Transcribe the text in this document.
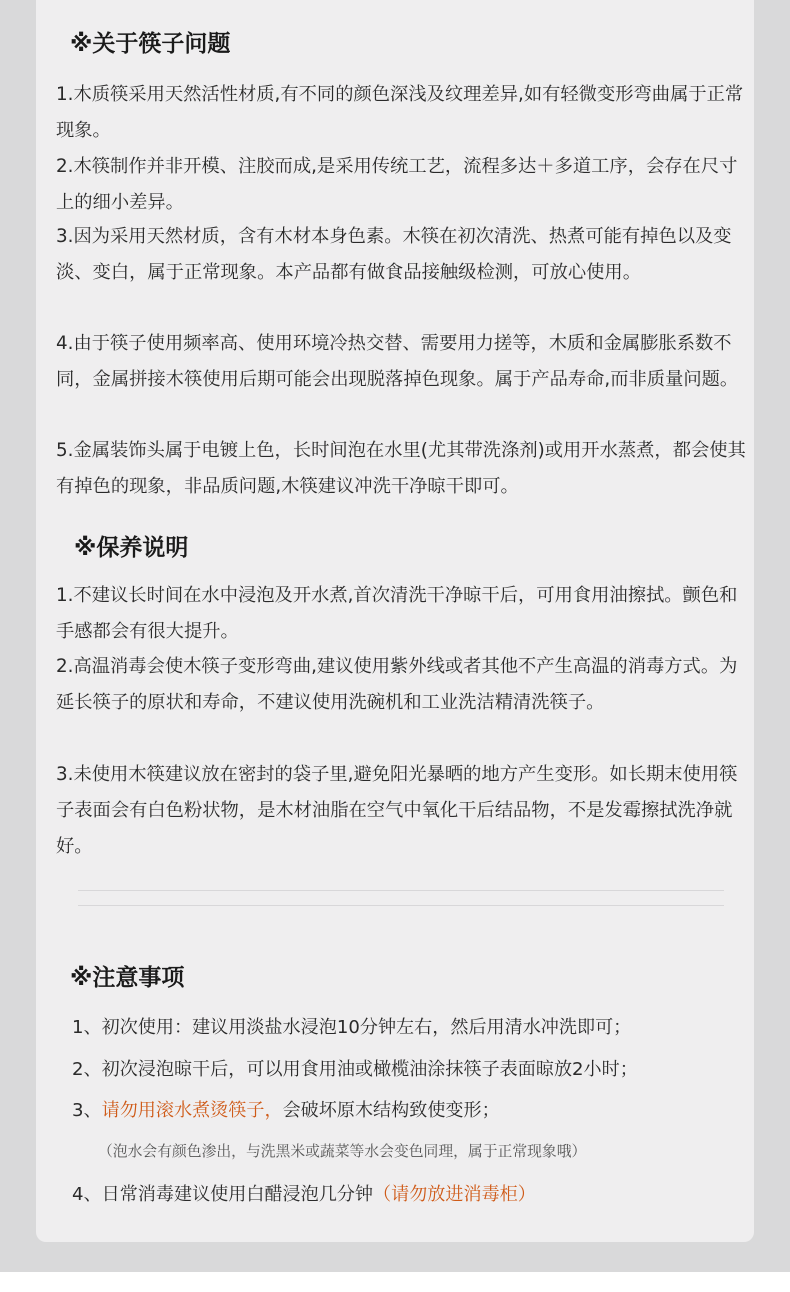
※关于筷子问题

1.木质筷采用天然活性材质,有不同的颜色深浅及纹理差异,如有轻微变形弯曲属于正常现象。

2.木筷制作并非开模、注胶而成,是采用传统工艺，流程多达＋多道工序，会存在尺寸上的细小差异。

3.因为采用天然材质，含有木材本身色素。木筷在初次清洗、热煮可能有掉色以及变淡、变白，属于正常现象。本产品都有做食品接触级检测，可放心使用。

4.由于筷子使用频率高、使用环境冷热交替、需要用力搓等，木质和金属膨胀系数不同，金属拼接木筷使用后期可能会出现脱落掉色现象。属于产品寿命,而非质量问题。

5.金属装饰头属于电镀上色，长时间泡在水里(尤其带洗涤剂)或用开水蒸煮，都会使其有掉色的现象，非品质问题,木筷建议冲洗干净晾干即可。

※保养说明

1.不建议长时间在水中浸泡及开水煮,首次清洗干净晾干后，可用食用油擦拭。颤色和手感都会有很大提升。

2.高温消毒会使木筷子变形弯曲,建议使用紫外线或者其他不产生高温的消毒方式。为延长筷子的原状和寿命，不建议使用洗碗机和工业洗洁精清洗筷子。

3.未使用木筷建议放在密封的袋子里,避免阳光暴晒的地方产生变形。如长期末使用筷子表面会有白色粉状物，是木材油脂在空气中氧化干后结品物，不是发霉擦拭洗净就好。

※注意事项
1、初次使用：建议用淡盐水浸泡10分钟左右，然后用清水冲洗即可；
2、初次浸泡晾干后，可以用食用油或橄榄油涂抹筷子表面晾放2小时；
3、请勿用滚水煮烫筷子，会破坏原木结构致使变形；
（泡水会有颜色渗出，与洗黑米或蔬菜等水会变色同理，属于正常现象哦）
4、日常消毒建议使用白醋浸泡几分钟（请勿放进消毒柜）
